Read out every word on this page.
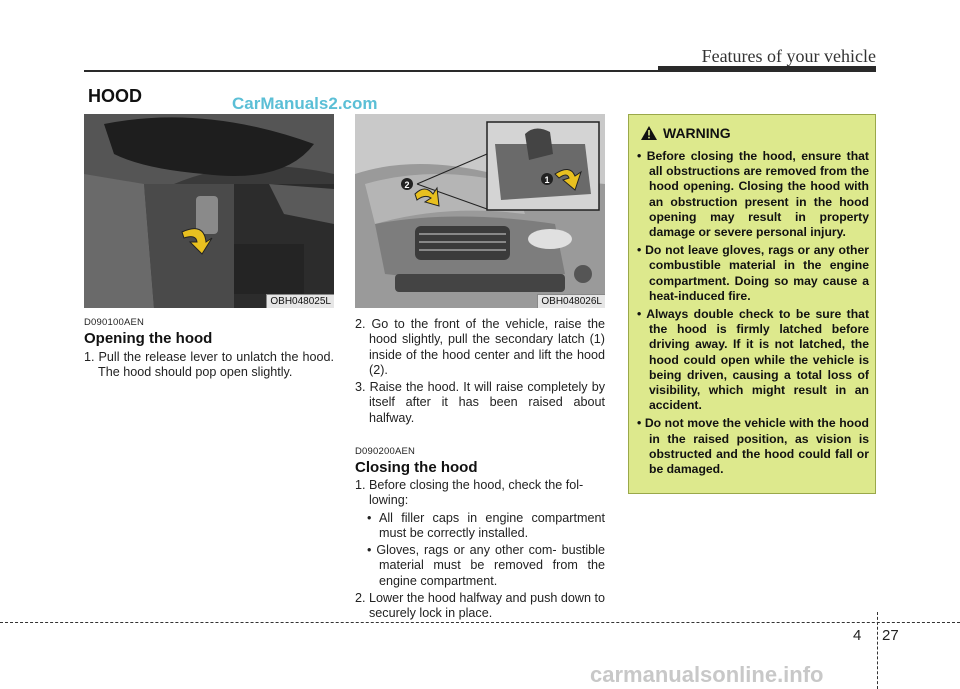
Features of your vehicle
HOOD	CarManuals2.com
OBH048025L
1
2
OBH048026L
D090100AEN
Opening the hood

1. Pull the release lever to unlatch the hood. The hood should pop open slightly.

2. Go to the front of the vehicle, raise the hood slightly, pull the secondary latch (1) inside of the hood center and lift the hood (2).

3. Raise the hood. It will raise completely by itself after it has been raised about halfway.

D090200AEN
Closing the hood

1. Before closing the hood, check the fol- lowing:

• All filler caps in engine compartment must be correctly installed.

• Gloves, rags or any other com- bustible material must be removed from the engine compartment.

2. Lower the hood halfway and push down to securely lock in place.

WARNING

• Before closing the hood, ensure that all obstructions are removed from the hood opening. Closing the hood with an obstruction present in the hood opening may result in property damage or severe personal injury.

• Do not leave gloves, rags or any other combustible material in the engine compartment. Doing so may cause a heat-induced fire.

• Always double check to be sure that the hood is firmly latched before driving away. If it is not latched, the hood could open while the vehicle is being driven, causing a total loss of visibility, which might result in an accident.

• Do not move the vehicle with the hood in the raised position, as vision is obstructed and the hood could fall or be damaged.

4 27
carmanualsonline.info
